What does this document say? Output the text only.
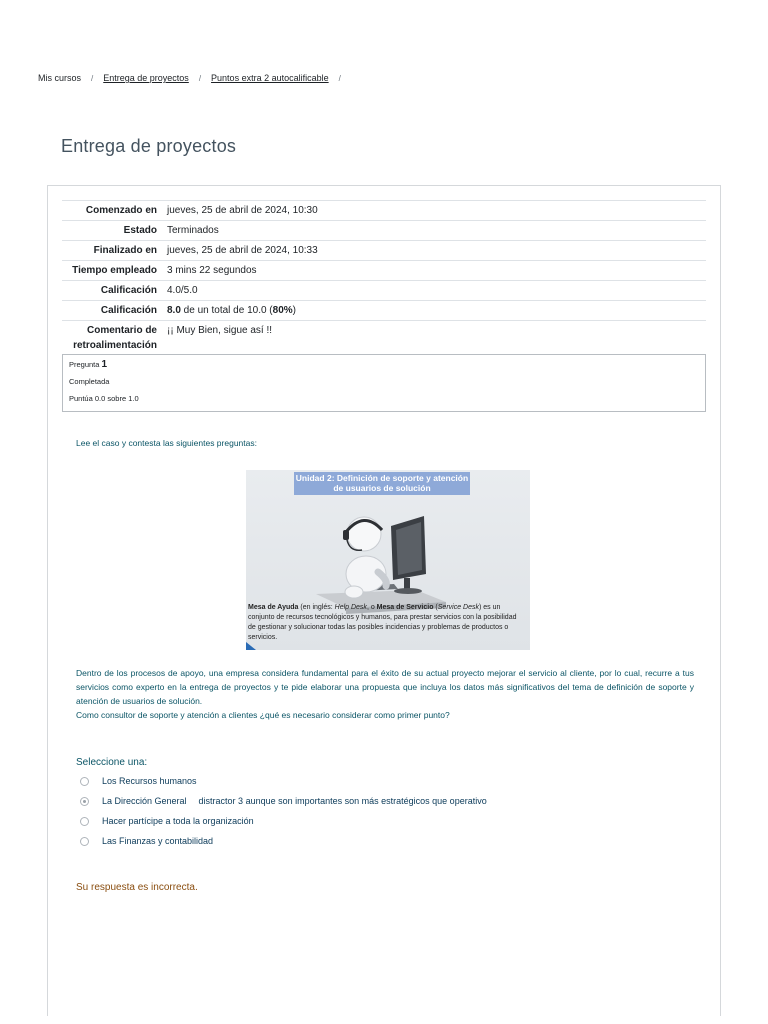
Mis cursos / Entrega de proyectos / Puntos extra 2 autocalificable /
Entrega de proyectos
Comenzado en	jueves, 25 de abril de 2024, 10:30
Estado	Terminados
Finalizado en	jueves, 25 de abril de 2024, 10:33
Tiempo empleado	3 mins 22 segundos
Calificación	4.0/5.0
Calificación	8.0 de un total de 10.0 (80%)
Comentario de retroalimentación	¡¡ Muy Bien, sigue así !!
Pregunta 1
Completada
Puntúa 0.0 sobre 1.0
Lee el caso y contesta las siguientes preguntas:
Unidad 2: Definición de soporte y atención de usuarios de solución
Mesa de Ayuda (en inglés: Help Desk, o Mesa de Servicio (Service Desk) es un conjunto de recursos tecnológicos y humanos, para prestar servicios con la posibilidad de gestionar y solucionar todas las posibles incidencias y problemas de productos o servicios.
Dentro de los procesos de apoyo, una empresa considera fundamental para el éxito de su actual proyecto mejorar el servicio al cliente, por lo cual, recurre a tus servicios como experto en la entrega de proyectos y te pide elaborar una propuesta que incluya los datos más significativos del tema de definición de soporte y atención de usuarios de solución.
Como consultor de soporte y atención a clientes ¿qué es necesario considerar como primer punto?
Seleccione una:
Los Recursos humanos
La Dirección General distractor 3 aunque son importantes son más estratégicos que operativo
Hacer partícipe a toda la organización
Las Finanzas y contabilidad
Su respuesta es incorrecta.
